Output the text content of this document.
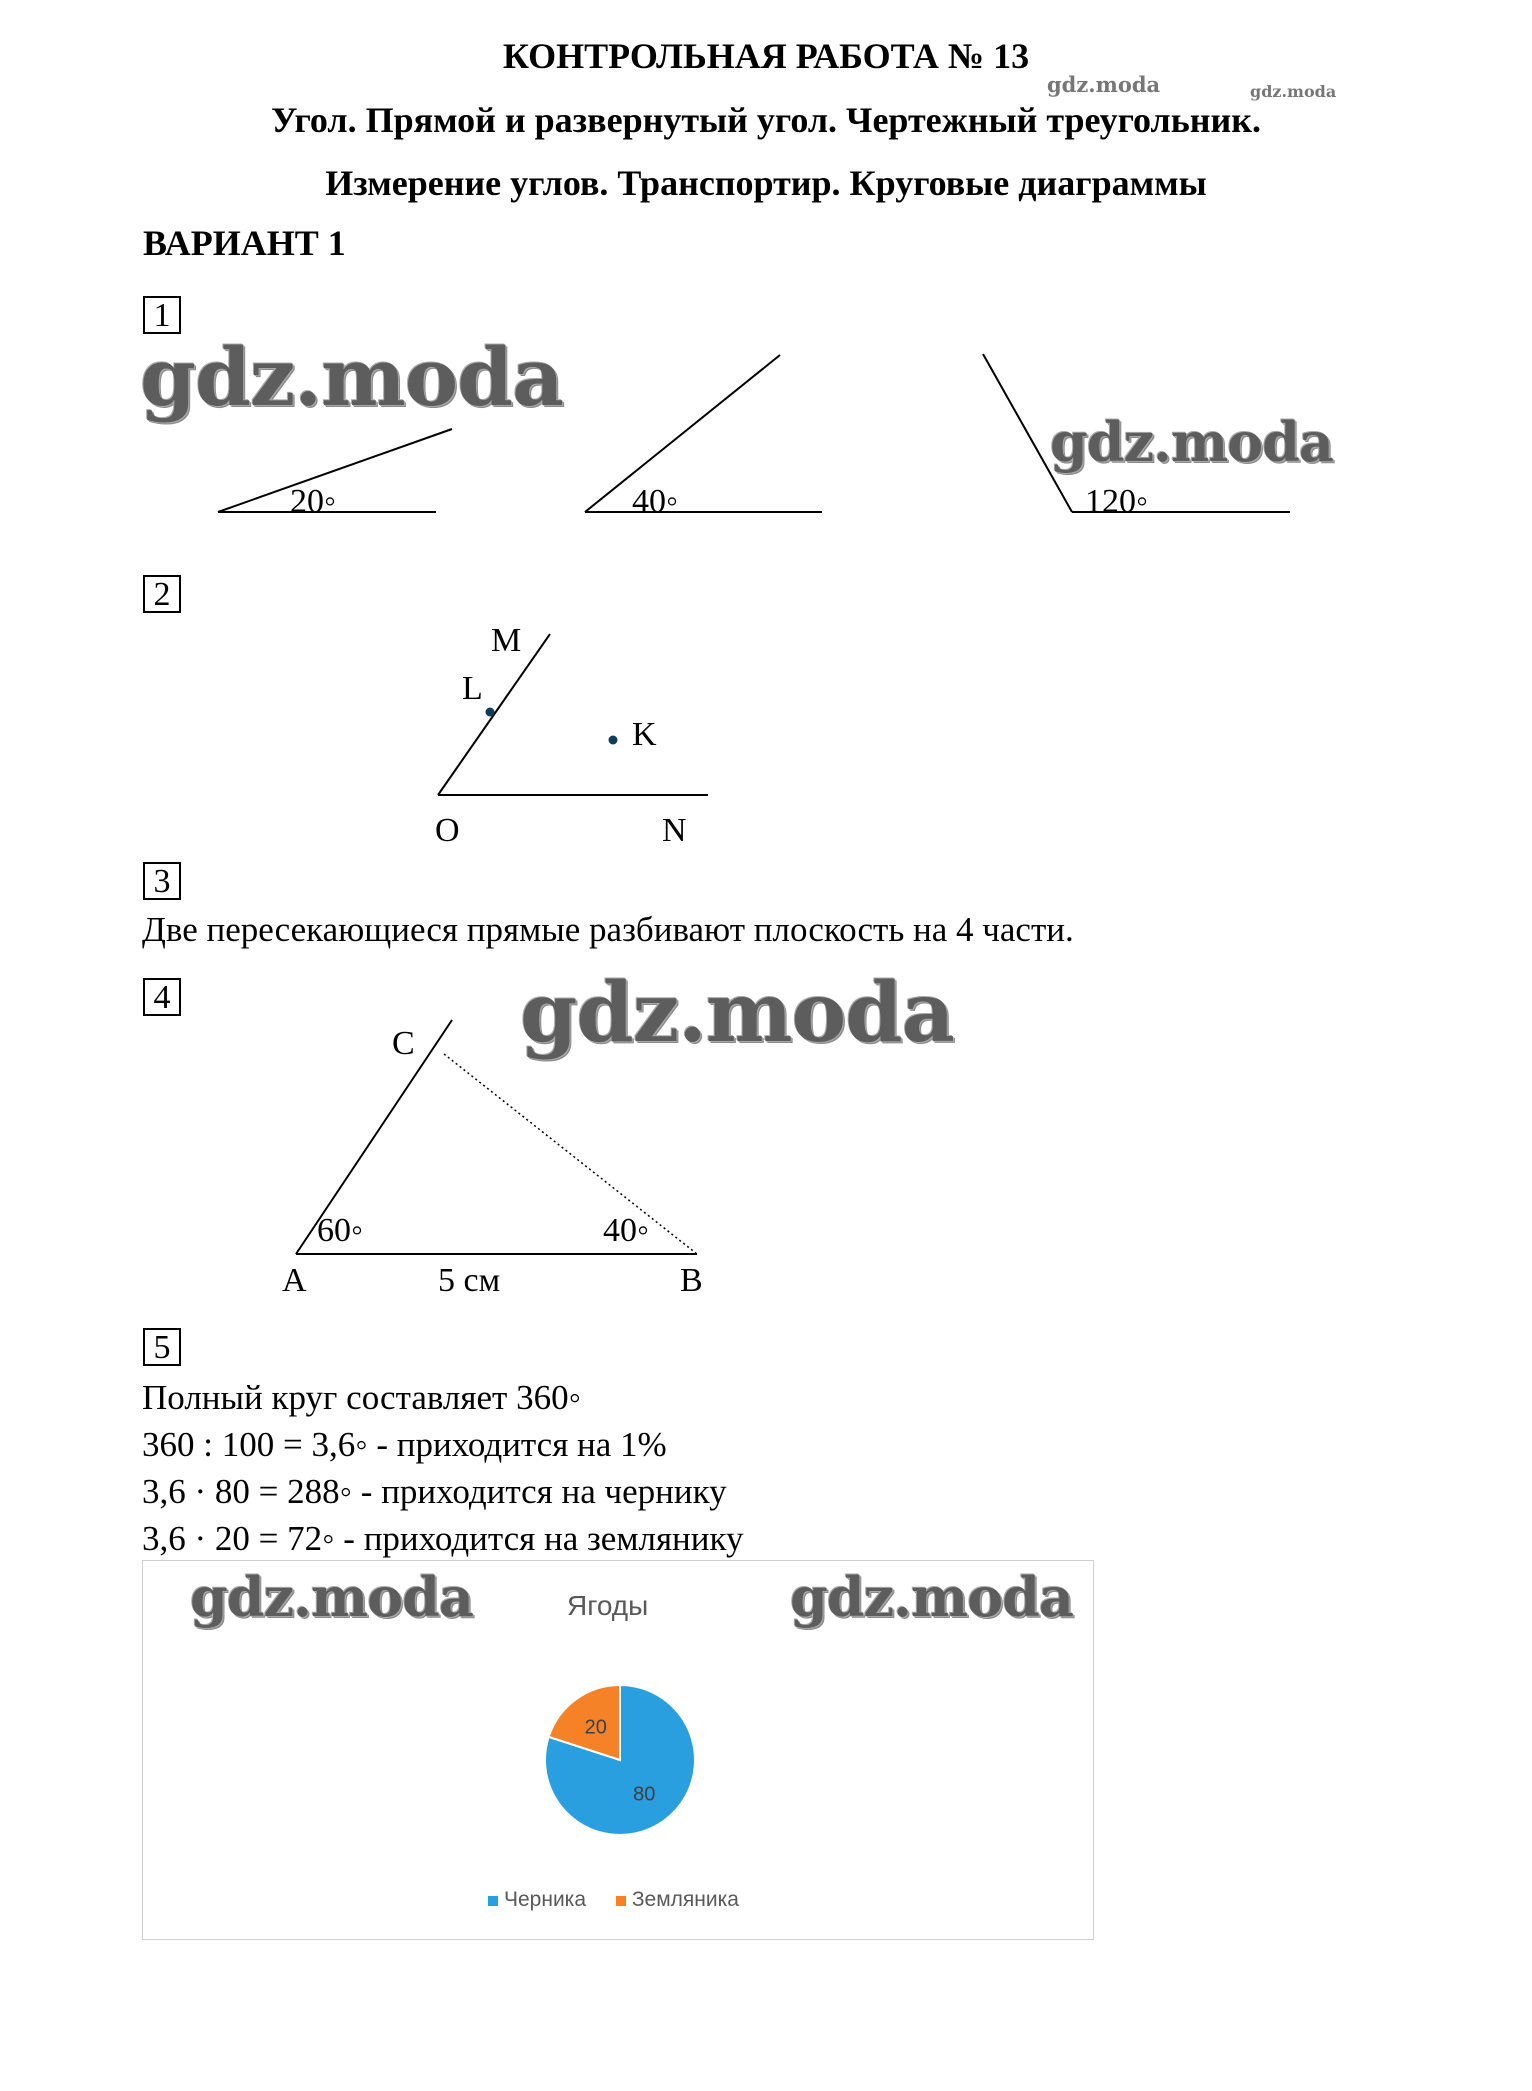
КОНТРОЛЬНАЯ РАБОТА № 13
Угол. Прямой и развернутый угол. Чертежный треугольник.
Измерение углов. Транспортир. Круговые диаграммы
ВАРИАНТ 1
gdz.moda	gdz.moda
1
20◦	40◦	120◦
2
M
L
K
O	N
3
Две пересекающиеся прямые разбивают плоскость на 4 части.
4
C
60◦	40◦
A	5 см	B
5
Полный круг составляет 360◦
360 : 100 = 3,6◦ - приходится на 1%
3,6 · 80 = 288◦ - приходится на чернику
3,6 · 20 = 72◦ - приходится на землянику
Ягоды
80
20
Черника Земляника
gdz.moda
gdz.moda
gdz.moda
gdz.moda	gdz.moda
